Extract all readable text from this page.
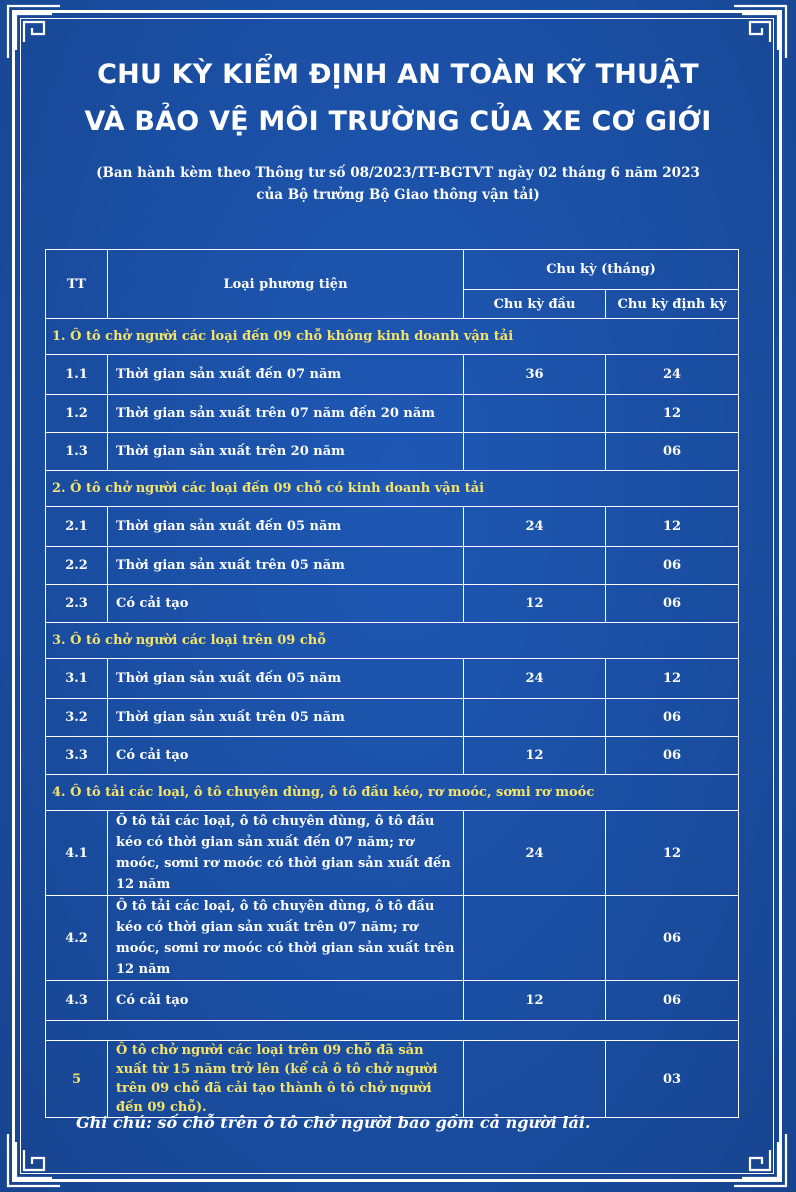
CHU KỲ KIỂM ĐỊNH AN TOÀN KỸ THUẬT
VÀ BẢO VỆ MÔI TRƯỜNG CỦA XE CƠ GIỚI
(Ban hành kèm theo Thông tư số 08/2023/TT-BGTVT ngày 02 tháng 6 năm 2023
của Bộ trưởng Bộ Giao thông vận tải)
TT	Loại phương tiện	Chu kỳ (tháng)	
		Chu kỳ đầu	Chu kỳ định kỳ
1. Ô tô chở người các loại đến 09 chỗ không kinh doanh vận tải			
1.1	Thời gian sản xuất đến 07 năm	36	24
1.2	Thời gian sản xuất trên 07 năm đến 20 năm		12
1.3	Thời gian sản xuất trên 20 năm		06
2. Ô tô chở người các loại đến 09 chỗ có kinh doanh vận tải			
2.1	Thời gian sản xuất đến 05 năm	24	12
2.2	Thời gian sản xuất trên 05 năm		06
2.3	Có cải tạo	12	06
3. Ô tô chở người các loại trên 09 chỗ			
3.1	Thời gian sản xuất đến 05 năm	24	12
3.2	Thời gian sản xuất trên 05 năm		06
3.3	Có cải tạo	12	06
4. Ô tô tải các loại, ô tô chuyên dùng, ô tô đầu kéo, rơ moóc, sơmi rơ moóc			
4.1	Ô tô tải các loại, ô tô chuyên dùng, ô tô đầu kéo có thời gian sản xuất đến 07 năm; rơ moóc, sơmi rơ moóc có thời gian sản xuất đến 12 năm	24	12
4.2	Ô tô tải các loại, ô tô chuyên dùng, ô tô đầu kéo có thời gian sản xuất trên 07 năm; rơ moóc, sơmi rơ moóc có thời gian sản xuất trên 12 năm		06
4.3	Có cải tạo	12	06

5	Ô tô chở người các loại trên 09 chỗ đã sản xuất từ 15 năm trở lên (kể cả ô tô chở người trên 09 chỗ đã cải tạo thành ô tô chở người đến 09 chỗ).		03
Ghi chú: số chỗ trên ô tô chở người bao gồm cả người lái.
